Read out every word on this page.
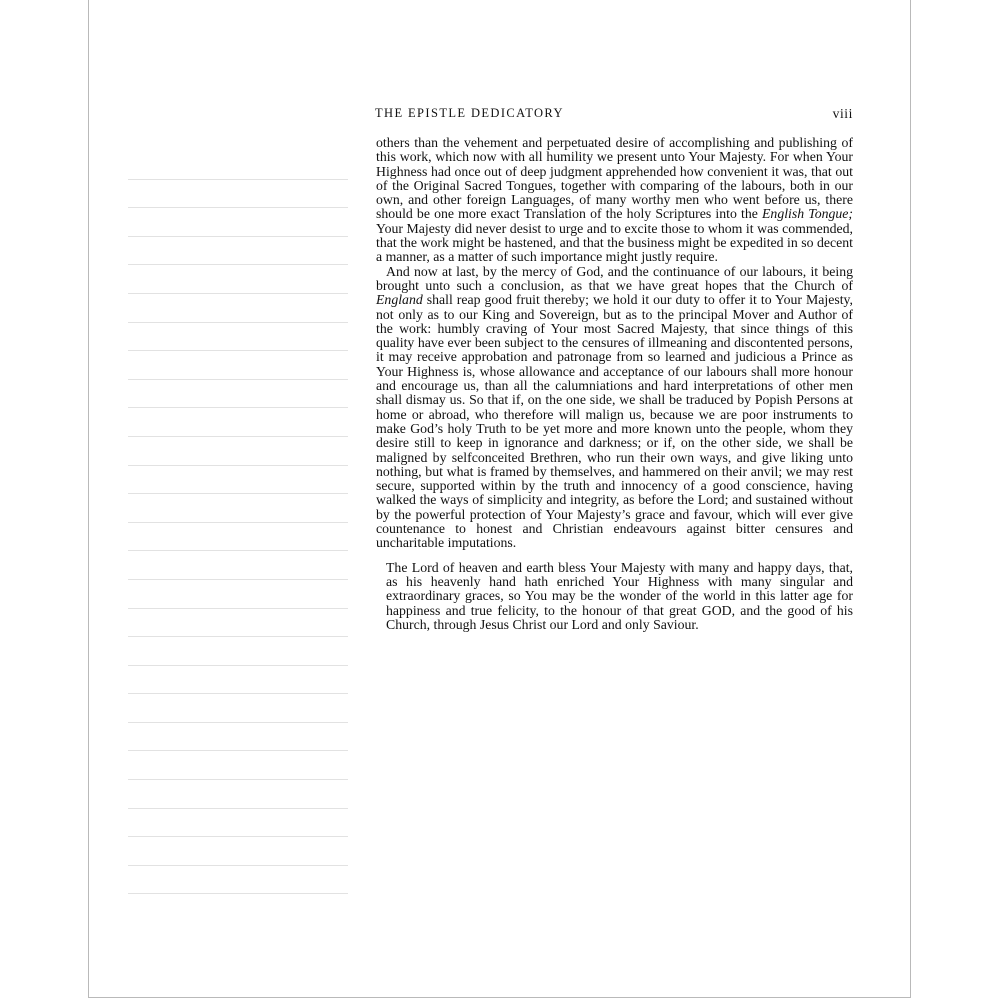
THE EPISTLE DEDICATORY	viii

others than the vehement and perpetuated desire of accomplishing and publishing of this work, which now with all humility we present unto Your Majesty. For when Your Highness had once out of deep judgment apprehended how convenient it was, that out of the Original Sacred Tongues, together with comparing of the labours, both in our own, and other foreign Languages, of many worthy men who went before us, there should be one more exact Translation of the holy Scriptures into the English Tongue; Your Majesty did never desist to urge and to excite those to whom it was commended, that the work might be hastened, and that the business might be expedited in so decent a manner, as a matter of such importance might justly require.

And now at last, by the mercy of God, and the continuance of our labours, it being brought unto such a conclusion, as that we have great hopes that the Church of England shall reap good fruit thereby; we hold it our duty to offer it to Your Majesty, not only as to our King and Sovereign, but as to the principal Mover and Author of the work: humbly craving of Your most Sacred Majesty, that since things of this quality have ever been subject to the censures of illmeaning and discontented persons, it may receive approbation and patronage from so learned and judicious a Prince as Your Highness is, whose allowance and acceptance of our labours shall more honour and encourage us, than all the calumniations and hard interpretations of other men shall dismay us. So that if, on the one side, we shall be traduced by Popish Persons at home or abroad, who therefore will malign us, because we are poor instruments to make God’s holy Truth to be yet more and more known unto the people, whom they desire still to keep in ignorance and darkness; or if, on the other side, we shall be maligned by selfconceited Brethren, who run their own ways, and give liking unto nothing, but what is framed by themselves, and hammered on their anvil; we may rest secure, supported within by the truth and innocency of a good conscience, having walked the ways of simplicity and integrity, as before the Lord; and sustained without by the powerful protection of Your Majesty’s grace and favour, which will ever give countenance to honest and Christian endeavours against bitter censures and uncharitable imputations.

The Lord of heaven and earth bless Your Majesty with many and happy days, that, as his heavenly hand hath enriched Your Highness with many singular and extraordinary graces, so You may be the wonder of the world in this latter age for happiness and true felicity, to the honour of that great GOD, and the good of his Church, through Jesus Christ our Lord and only Saviour.
